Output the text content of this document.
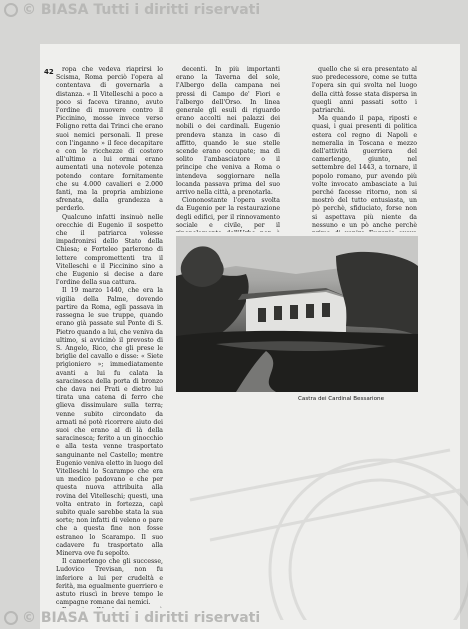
© BIASA Tutti i diritti riservati
42	ropa che vedeva riaprirsi lo Scisma, Roma perciò l'opera al contentava di governarla a distanza. « Il Vitelleschi a poco a poco si faceva tiranno, avuto l'ordine di muovere contro il Piccinino, mosse invece verso Foligno retta dai Trinci che erano suoi nemici personali. Il prese con l'inganno » il fece decapitare e con le ricchezze di costoro all'ultimo a lui ormai erano aumentati una notevole potenza potendo contare fornitamente che su 4.000 cavalieri e 2.000 fanti, ma la propria ambizione sfrenata, dalla grandezza a perderlo.

Qualcuno infatti insinuò nelle orecchie di Eugenio il sospetto che il patriarca volesse impadronirsi dello Stato della Chiesa; e Forteleo parlerono di lettere compromettenti tra il Vitelleschi e il Piccinino sino a che Eugenio si decise a dare l'ordine della sua cattura.

Il 19 marzo 1440, che era la vigilia della Palme, dovendo partire da Roma, egli passava in rassegna le sue truppe, quando erano già passate sul Ponte di S. Pietro quando a lui, che veniva da ultimo, si avvicinò il prevosto di S. Angelo, Rico, che gli prese le briglie del cavallo e disse: « Siete prigioniero »; immediatamente avanti a lui fu calata la saracinesca della porta di bronzo che dava nei Prati e dietro lui tirata una catena di ferro che glieva dissimulare sulla terra; venne subito circondato da armati né potè ricorrere aiuto dei suoi che erano al di là della saracinesca; ferito a un ginocchio e alla testa venne trasportato sanguinante nel Castello; mentre Eugenio veniva eletto in luogo del Vitelleschi lo Scarampo che era un medico padovano e che per questa nuova attribuita alla rovina del Vitelleschi; questi, una volta entrato in fortezza, capì subito quale sarebbe stata la sua sorte; non infatti di veleno o pare che a questa fine non fosse estraneo lo Scarampo. Il suo cadavere fu trasportato alla Minerva ove fu sepolto.

Il camerlengo che gli successe, Ludovico Trevisan, non fu inferiore a lui per crudeltà e ferità, ma egualmente guerriero e astuto riuscì in breve tempo le campagne romane dai nemici.

decenti. In più importanti erano la Taverna del sole, l'Albergo della campana nei pressi di Campo de' Fiori e l'albergo dell'Orso. In linea generale gli esuli di riguardo erano accolti nei palazzi dei nobili o dei cardinali. Eugenio prendeva stanza in caso di affitto, quando le sue stelle scende erano occupate; ma di solito l'ambasciatore o il principe che veniva a Roma o intendeva soggiornare nella locanda passava prima del suo arrivo nella città, a prenotarla.

Ciononostante l'opera svolta da Eugenio per la restaurazione degli edifici, per il rinnovamento sociale e civile, per il

quello che si era presentato al suo predecessore, come se tutta l'opera sin qui svolta nel luogo della città fosse stata dispersa in quegli anni passati sotto i patriarchi.

Ma quando il papa, riposti e quasi, i guai presenti di politica estera col regno di Napoli e nemeralia in Toscana e mezzo dell'attività guerriera del camerlengo, giunto, nel settembre del 1443, a tornare, il popolo romano, pur avendo più volte invocato ambasciate a lui perché facesse ritorno, non si mostrò del tutto entusiasta, un pò perchè, sfiduciato, forse non si aspettava più niente da nessuno e un pò anche perchè

Castra dei Cardinal Bessarione
© BIASA Tutti i diritti riservati
